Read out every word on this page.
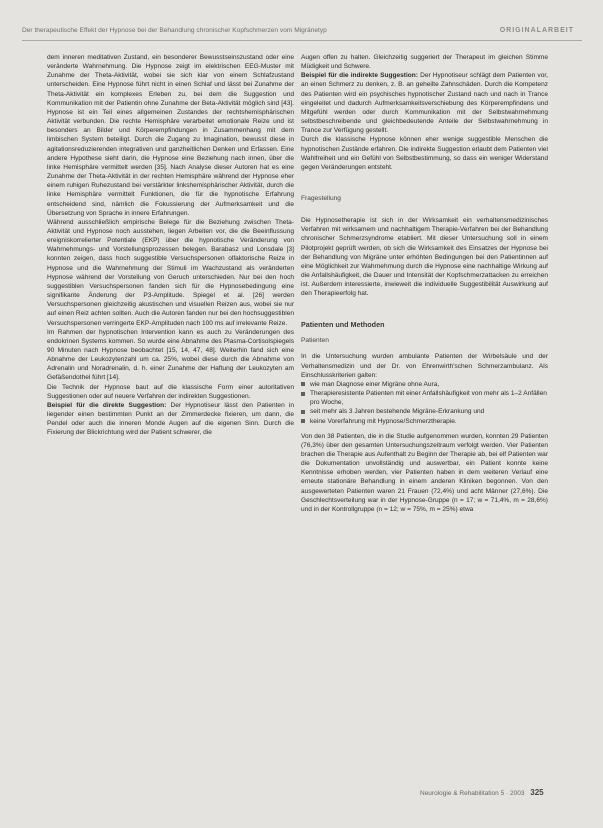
Der therapeutische Effekt der Hypnose bei der Behandlung chronischer Kopfschmerzen vom Migränetyp	ORIGINALARBEIT

dem inneren meditativen Zustand, ein besonderer Bewusstseinszustand oder eine veränderte Wahrnehmung. Die Hypnose zeigt im elektrischen EEG-Muster mit Zunahme der Theta-Aktivität, wobei sie sich klar von einem Schlafzustand unterscheiden. Eine Hypnose führt nicht in einen Schlaf und lässt bei Zunahme der Theta-Aktivität ein komplexes Erleben zu, bei dem die Suggestion und Kommunikation mit der Patientin ohne Zunahme der Beta-Aktivität möglich sind [43]. Hypnose ist ein Teil eines allgemeinen Zustandes der rechtshemisphärischen Aktivität verbunden. Die rechte Hemisphäre verarbeitet emotionale Reize und ist besonders an Bilder und Körperempfindungen in Zusammenhang mit dem limbischen System beteiligt. Durch die Zugang zu Imagination, bewusst diese in agitationsreduzierenden integrativen und ganzheitlichen Denken und Erfassen. Eine andere Hypothese sieht darin, die Hypnose eine Beziehung nach innen, über die linke Hemisphäre vermittelt werden [35]. Nach Analyse dieser Autoren hat es eine Zunahme der Theta-Aktivität in der rechten Hemisphäre während der Hypnose eher einem ruhigen Ruhezustand bei verstärkter linkshemisphärischer Aktivität, durch die linke Hemisphäre vermittelt Funktionen, die für die hypnotische Erfahrung entscheidend sind, nämlich die Fokussierung der Aufmerksamkeit und die Übersetzung von Sprache in innere Erfahrungen.

Während ausschließlich empirische Belege für die Beziehung zwischen Theta-Aktivität und Hypnose noch ausstehen, liegen Arbeiten vor, die die Beeinflussung ereigniskorrelierter Potentiale (EKP) über die hypnotische Veränderung von Wahrnehmungs- und Vorstellungsprozessen belegen. Barabasz und Lonsdale [3] konnten zeigen, dass hoch suggestible Versuchspersonen olfaktorische Reize in Hypnose und die Wahrnehmung der Stimuli im Wachzustand als veränderten Hypnose während der Vorstellung von Geruch unterschieden. Nur bei den hoch suggestiblen Versuchspersonen fanden sich für die Hypnosebedingung eine signifikante Änderung der P3-Amplitude. Spiegel et al. [26] werden Versuchspersonen gleichzeitig akustischen und visuellen Reizen aus, wobei sie nur auf einen Reiz achten sollten. Auch die Autoren fanden nur bei den hochsuggestiblen Versuchspersonen verringerte EKP-Amplituden nach 100 ms auf irrelevante Reize.

Im Rahmen der hypnotischen Intervention kann es auch zu Veränderungen des endokrinen Systems kommen. So wurde eine Abnahme des Plasma-Cortisolspiegels 90 Minuten nach Hypnose beobachtet [15, 14, 47, 48]. Weiterhin fand sich eine Abnahme der Leukozytenzahl um ca. 25%, wobei diese durch die Abnahme von Adrenalin und Noradrenalin, d. h. einer Zunahme der Haftung der Leukozyten am Gefäßendothel führt [14].

Die Technik der Hypnose baut auf die klassische Form einer autoritativen Suggestionen oder auf neuere Verfahren der indirekten Suggestionen.

Beispiel für die direkte Suggestion: Der Hypnotiseur lässt den Patienten in liegender einen bestimmten Punkt an der Zimmerdecke fixieren, um dann, die Pendel oder auch die inneren Monde Augen auf die eigenen Sinn. Durch die Fixierung der Blickrichtung wird der Patient schwerer, die

Augen offen zu halten. Gleichzeitig suggeriert der Therapeut im gleichen Stimme Müdigkeit und Schwere.

Beispiel für die indirekte Suggestion: Der Hypnotiseur schlägt dem Patienten vor, an einen Schmerz zu denken, z. B. an geheilte Zahnschäden. Durch die Kompetenz des Patienten wird ein psychisches hypnotischer Zustand nach und nach in Trance eingeleitet und dadurch Aufmerksamkeitsverschiebung des Körperempfindens und Mitgefühl werden oder durch Kommunikation mit der Selbstwahrnehmung selbstbeschreibende und gleichbedeutende Anteile der Selbstwahrnehmung in Trance zur Verfügung gestellt.

Durch die klassische Hypnose können eher wenige suggestible Menschen die hypnotischen Zustände erfahren. Die indirekte Suggestion erlaubt dem Patienten viel Wahlfreiheit und ein Gefühl von Selbstbestimmung, so dass ein weniger Widerstand gegen Veränderungen entsteht.

Fragestellung

Die Hypnosetherapie ist sich in der Wirksamkeit ein verhaltensmedizinisches Verfahren mit wirksamem und nachhaltigem Therapie-Verfahren bei der Behandlung chronischer Schmerzsyndrome etabliert. Mit dieser Untersuchung soll in einem Pilotprojekt geprüft werden, ob sich die Wirksamkeit des Einsatzes der Hypnose bei der Behandlung von Migräne unter erhöhten Bedingungen bei den Patientinnen auf eine Möglichkeit zur Wahrnehmung durch die Hypnose eine nachhaltige Wirkung auf die Anfallshäufigkeit, die Dauer und Intensität der Kopfschmerzattacken zu erreichen ist. Außerdem interessierte, inwieweit die individuelle Suggestibilität Auswirkung auf den Therapieerfolg hat.

Patienten und Methoden
Patienten

In die Untersuchung wurden ambulante Patienten der Wirbelsäule und der Verhaltensmedizin und der Dr. von Ehrenwirth'schen Schmerzambulanz. Als Einschlusskriterien galten:

wie man Diagnose einer Migräne ohne Aura,
Therapieresistente Patienten mit einer Anfallshäufigkeit von mehr als 1–2 Anfällen pro Woche,
seit mehr als 3 Jahren bestehende Migräne-Erkrankung und
keine Vorerfahrung mit Hypnose/Schmerztherapie.

Von den 38 Patienten, die in die Studie aufgenommen wurden, konnten 29 Patienten (76,3%) über den gesamten Untersuchungszeitraum verfolgt werden. Vier Patienten brachen die Therapie aus Aufenthalt zu Beginn der Therapie ab, bei elf Patienten war die Dokumentation unvollständig und auswertbar, ein Patient konnte keine Kenntnisse erhoben werden, vier Patienten haben in dem weiteren Verlauf eine erneute stationäre Behandlung in einem anderen Kliniken begonnen. Von den ausgewerteten Patienten waren 21 Frauen (72,4%) und acht Männer (27,6%). Die Geschlechtsverteilung war in der Hypnose-Gruppe (n = 17; w = 71,4%, m = 28,6%) und in der Kontrollgruppe (n = 12; w = 75%, m = 25%) etwa

Neurologie & Rehabilitation 5 · 2003 325
